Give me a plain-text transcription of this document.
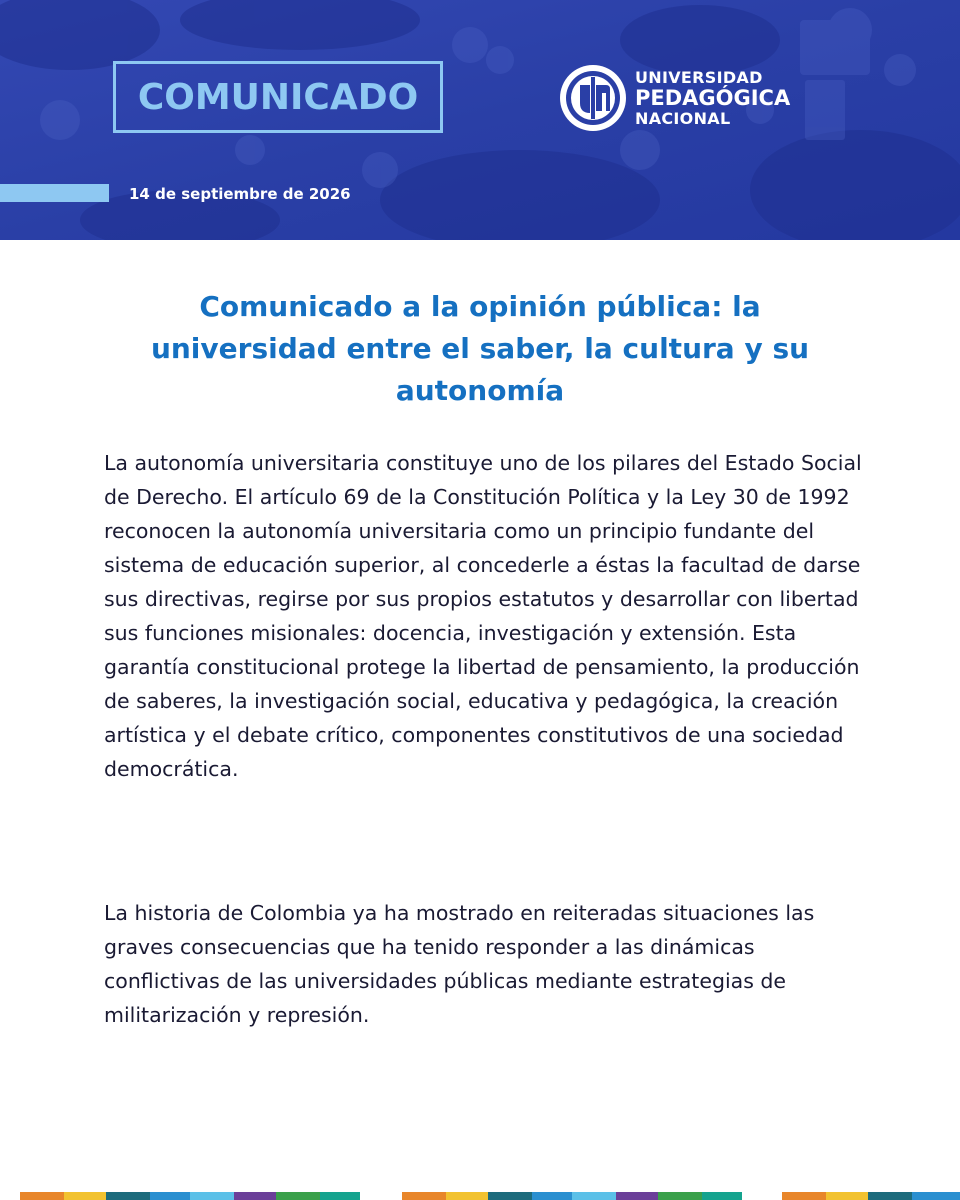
COMUNICADO
14 de septiembre de 2026
UNIVERSIDAD
PEDAGÓGICA
NACIONAL
Comunicado a la opinión pública: la universidad entre el saber, la cultura y su autonomía

La autonomía universitaria constituye uno de los pilares del Estado Social de Derecho. El artículo 69 de la Constitución Política y la Ley 30 de 1992 reconocen la autonomía universitaria como un principio fundante del sistema de educación superior, al concederle a éstas la facultad de darse sus directivas, regirse por sus propios estatutos y desarrollar con libertad sus funciones misionales: docencia, investigación y extensión. Esta garantía constitucional protege la libertad de pensamiento, la producción de saberes, la investigación social, educativa y pedagógica, la creación artística y el debate crítico, componentes constitutivos de una sociedad democrática.

La historia de Colombia ya ha mostrado en reiteradas situaciones las graves consecuencias que ha tenido responder a las dinámicas conflictivas de las universidades públicas mediante estrategias de militarización y represión.
